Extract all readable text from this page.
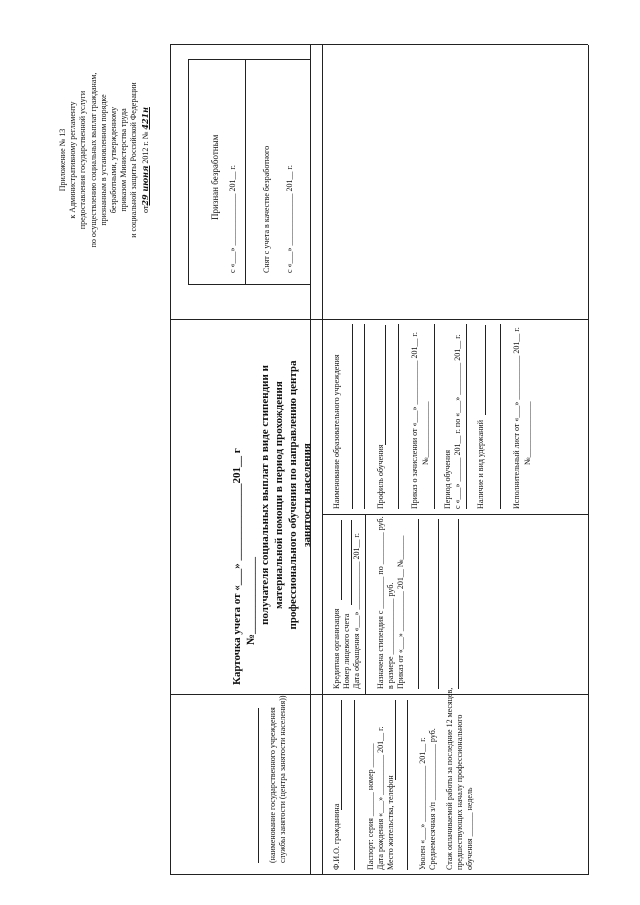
Приложение № 13 к Административному регламенту предоставления государственной услуги по осуществлению социальных выплат гражданам, признанным в установленном порядке безработными, утвержденному приказом Министерства труда и социальной защиты Российской Федерации от29 июня 2012 г. № 421н
Признан безработным с «___» _____________ 201__ г.	Снят с учета в качестве безработного с «___» _____________ 201__ г.
Карточка учета от «___» ______________201__ г №______________ получателя социальных выплат в виде стипендии и материальной помощи в период прохождения профессионального обучения по направлению центра занятости населения
(наименование государственного учреждения службы занятости (центра занятости населения))	Ф.И.О. гражданина	Паспорт: серия ______ номер ______ Дата рождения «___» __________ 201__ г. Место жительства, телефон	Уволен «___» ______________ 201__ г. Среднемесячная з/п ______________ руб. Стаж оплачиваемой работы за последние 12 месяцев, предшествующих началу профессионального обучения ______ недель
Кредитная организация Номер лицевого счета Дата обращения «___» ____________ 201__ г. Назначена стипендия с ________ по ________ руб. в размере ______________ руб. Приказ от «___» __________ 201__ №______
Наименование образовательного учреждения	Профиль обучения	Приказ о зачислении от «___» ___________ 201__ г. №______________
Период обучения с «___» ______ 201__ г. по «___» ________ 201__ г. Наличие и вид удержаний	Исполнительный лист от «___» ___________ 201__ г. №______________
